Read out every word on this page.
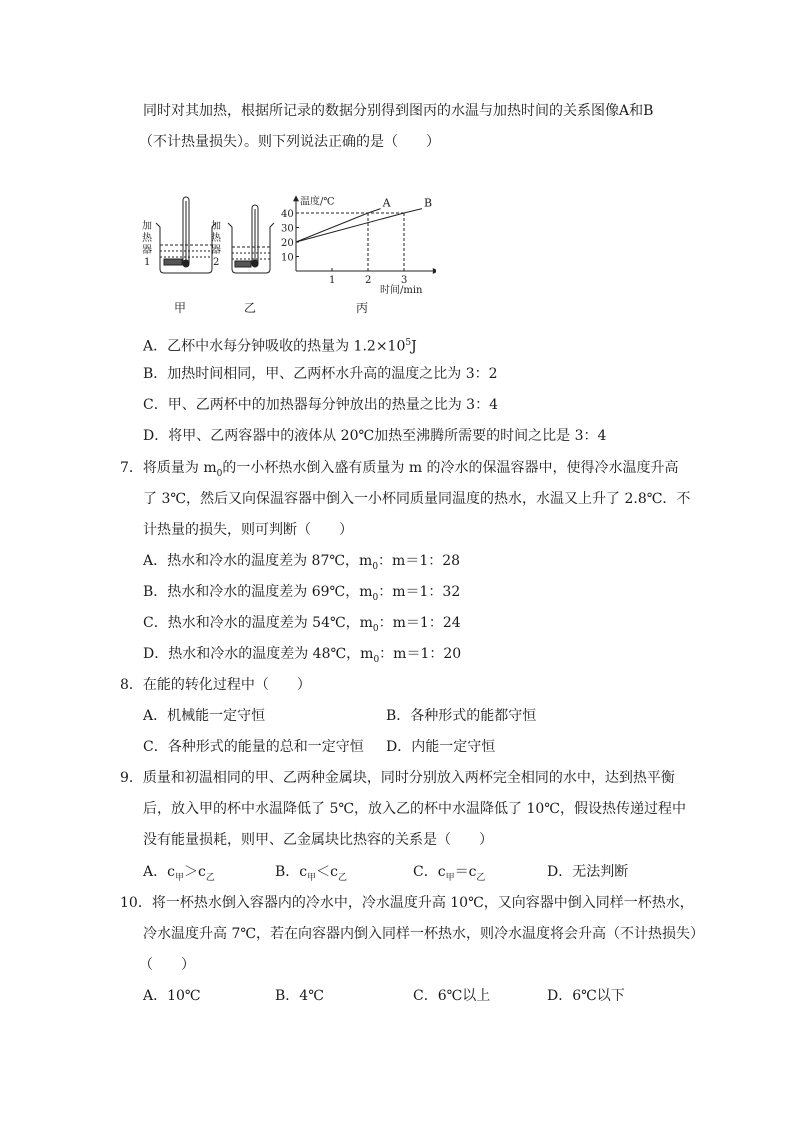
同时对其加热，根据所记录的数据分别得到图丙的水温与加热时间的关系图像A和B
（不计热量损失）。则下列说法正确的是（　　）
加
热
器
1
加
热
器
2
甲	乙	丙
温度/℃
时间/min
1	2	3
10
20
30
40
A	B
A．乙杯中水每分钟吸收的热量为 $1.2\times 10^5J$
B．加热时间相同，甲、乙两杯水升高的温度之比为 3：2
C．甲、乙两杯中的加热器每分钟放出的热量之比为 3：4
D．将甲、乙两容器中的液体从 20℃加热至沸腾所需要的时间之比是 3：4
7．将质量为 $m_0$的一小杯热水倒入盛有质量为 m 的冷水的保温容器中，使得冷水温度升高
了 3℃，然后又向保温容器中倒入一小杯同质量同温度的热水，水温又上升了 2.8℃．不
计热量的损失，则可判断（　　）
A．热水和冷水的温度差为 87℃，$m_0$：m＝1：28
B．热水和冷水的温度差为 69℃，$m_0$：m＝1：32
C．热水和冷水的温度差为 54℃，$m_0$：m＝1：24
D．热水和冷水的温度差为 48℃，$m_0$：m＝1：20
8．在能的转化过程中（　　）
A．机械能一定守恒	B．各种形式的能都守恒
C．各种形式的能量的总和一定守恒 D．内能一定守恒
9．质量和初温相同的甲、乙两种金属块，同时分别放入两杯完全相同的水中，达到热平衡
后，放入甲的杯中水温降低了 5℃，放入乙的杯中水温降低了 10℃，假设热传递过程中
没有能量损耗，则甲、乙金属块比热容的关系是（　　）
A．$c_甲>c_乙$	B．$c_甲<c_乙$	C．$c_甲=c_乙$	D．无法判断
10．将一杯热水倒入容器内的冷水中，冷水温度升高 10℃，又向容器中倒入同样一杯热水，
冷水温度升高 7℃，若在向容器内倒入同样一杯热水，则冷水温度将会升高（不计热损失）
（　　）
A．10℃	B．4℃	C．6℃以上	D．6℃以下
